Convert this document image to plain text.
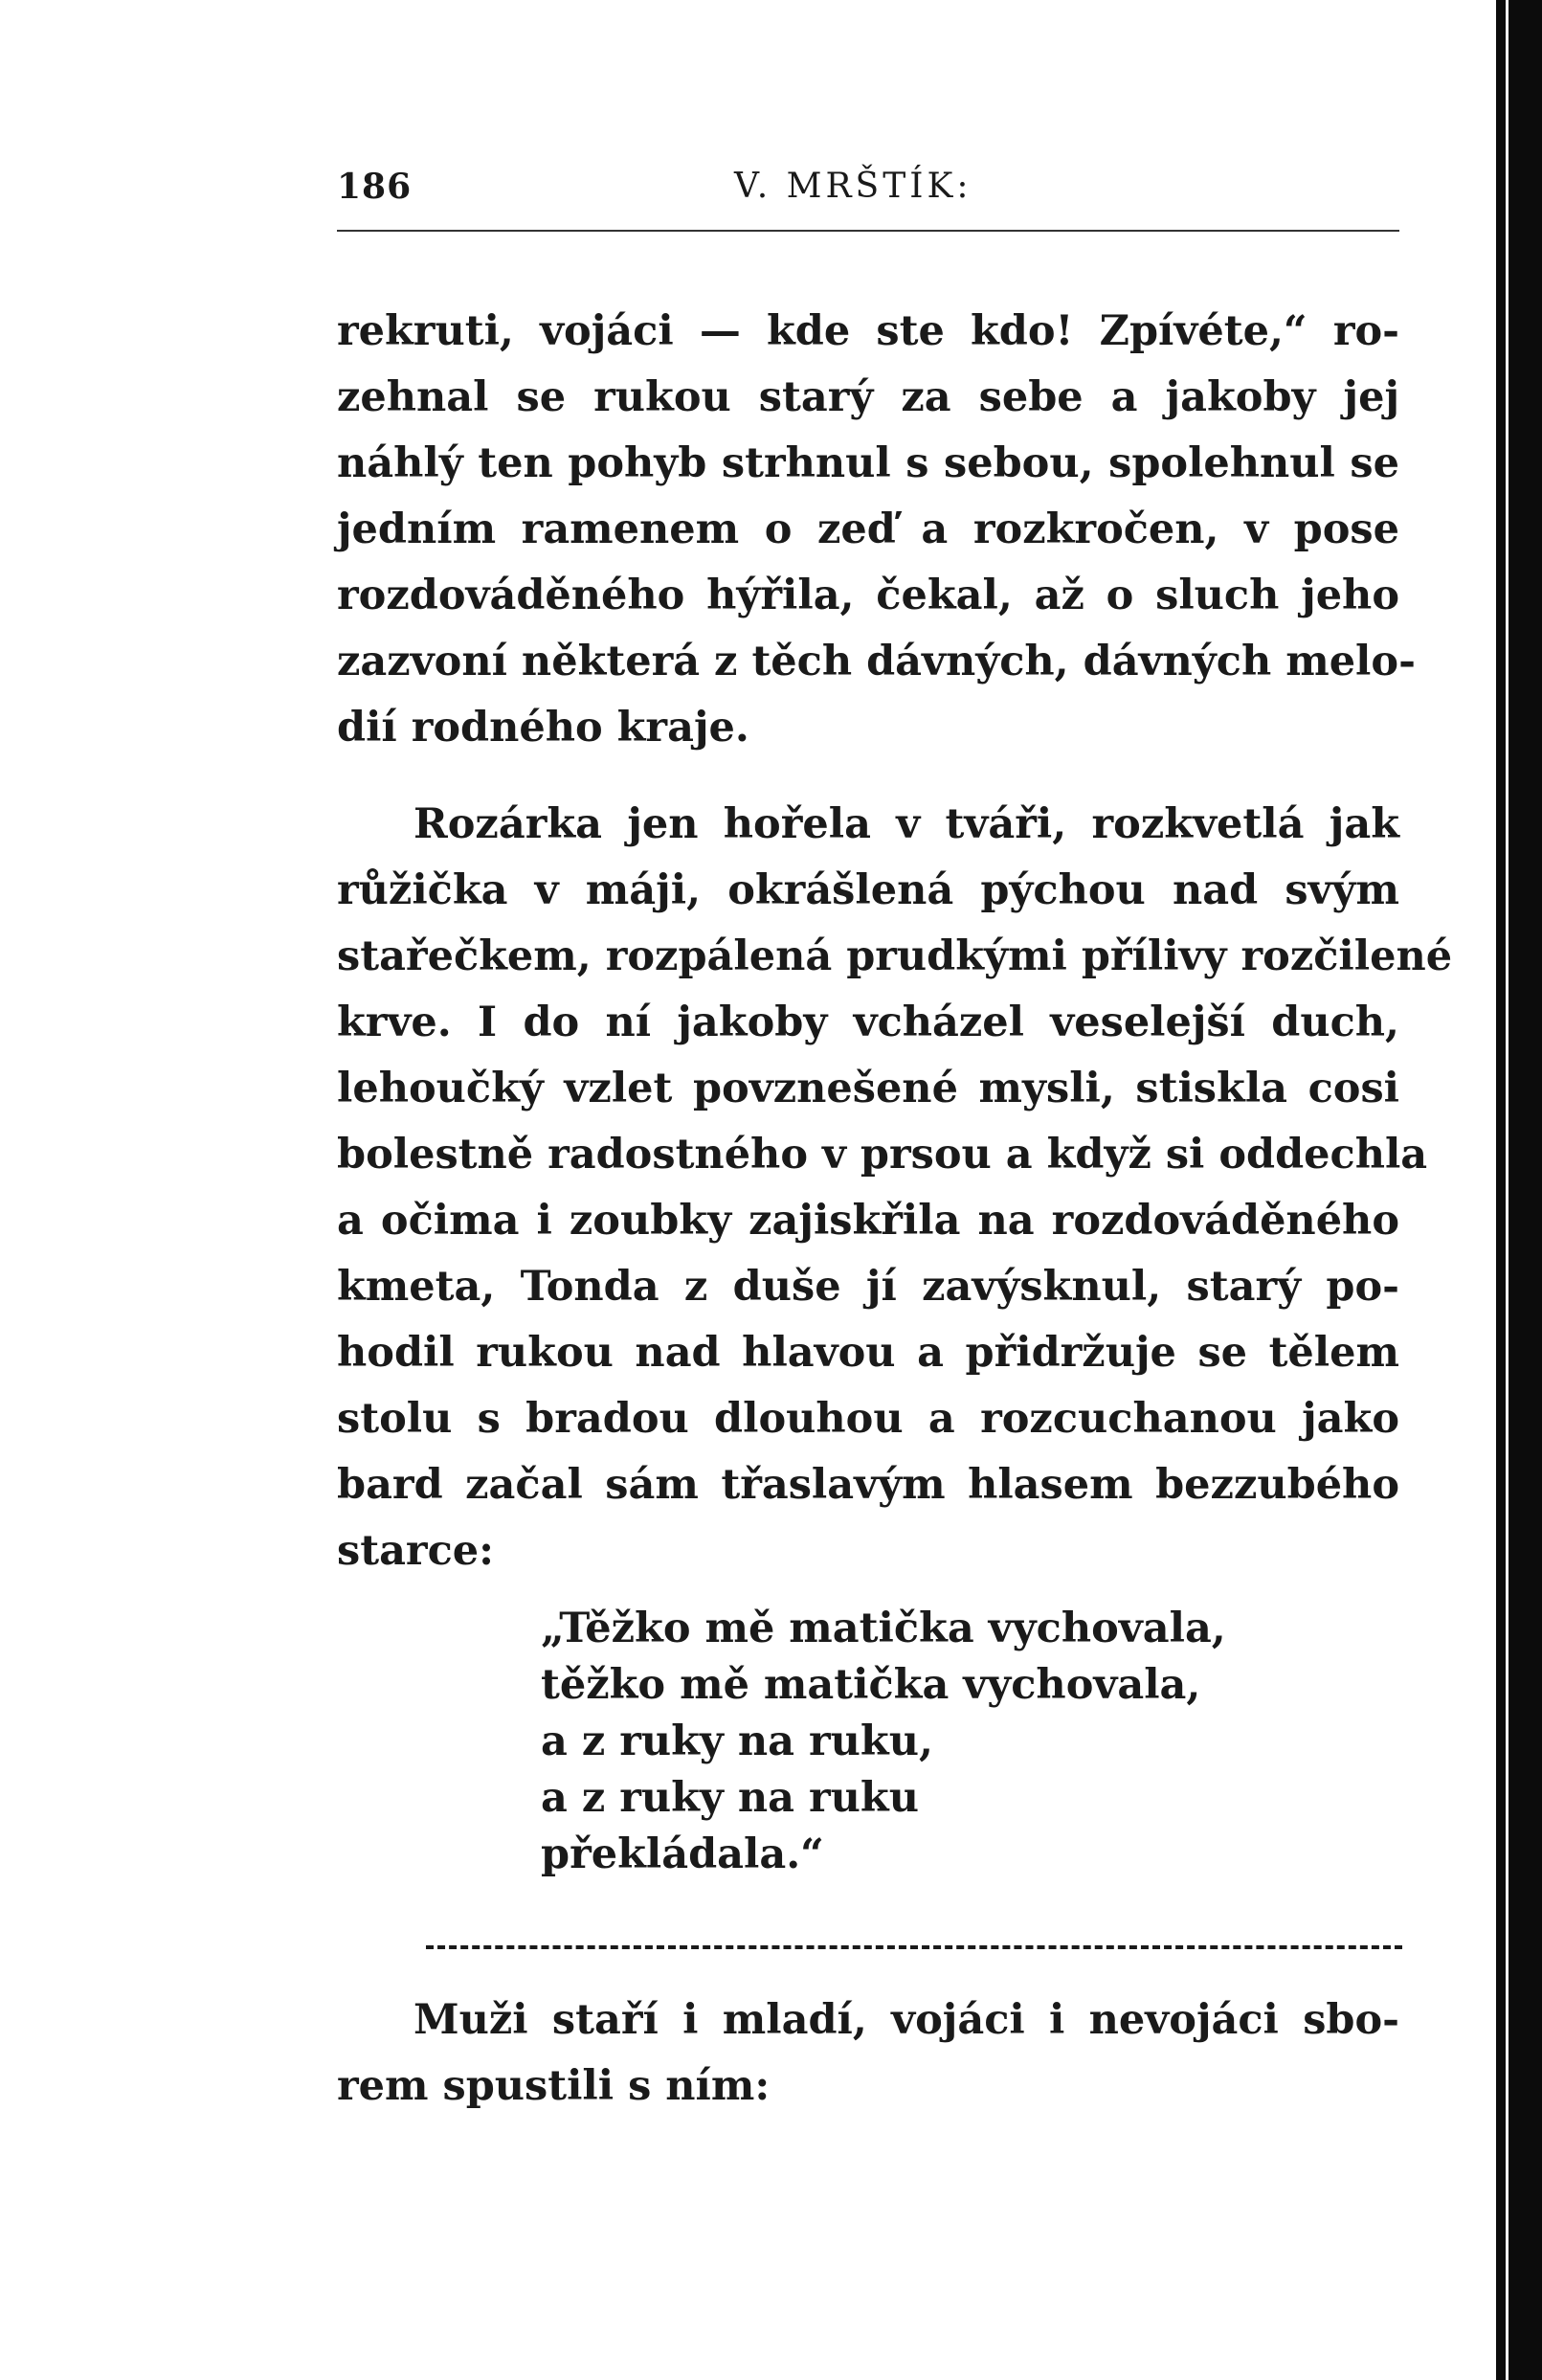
186	V. MRŠTÍK:
rekruti, vojáci — kde ste kdo! Zpívéte,“ ro-
zehnal se rukou starý za sebe a jakoby jej
náhlý ten pohyb strhnul s sebou, spolehnul se
jedním ramenem o zeď a rozkročen, v pose
rozdováděného hýřila, čekal, až o sluch jeho
zazvoní některá z těch dávných, dávných melo-
dií rodného kraje.
Rozárka jen hořela v tváři, rozkvetlá jak
růžička v máji, okrášlená pýchou nad svým
stařečkem, rozpálená prudkými přílivy rozčilené
krve. I do ní jakoby vcházel veselejší duch,
lehoučký vzlet povznešené mysli, stiskla cosi
bolestně radostného v prsou a když si oddechla
a očima i zoubky zajiskřila na rozdováděného
kmeta, Tonda z duše jí zavýsknul, starý po-
hodil rukou nad hlavou a přidržuje se tělem
stolu s bradou dlouhou a rozcuchanou jako
bard začal sám třaslavým hlasem bezzubého
starce:
„Těžko mě matička vychovala,
těžko mě matička vychovala,
a z ruky na ruku,
a z ruky na ruku
překládala.“
Muži staří i mladí, vojáci i nevojáci sbo-
rem spustili s ním:
